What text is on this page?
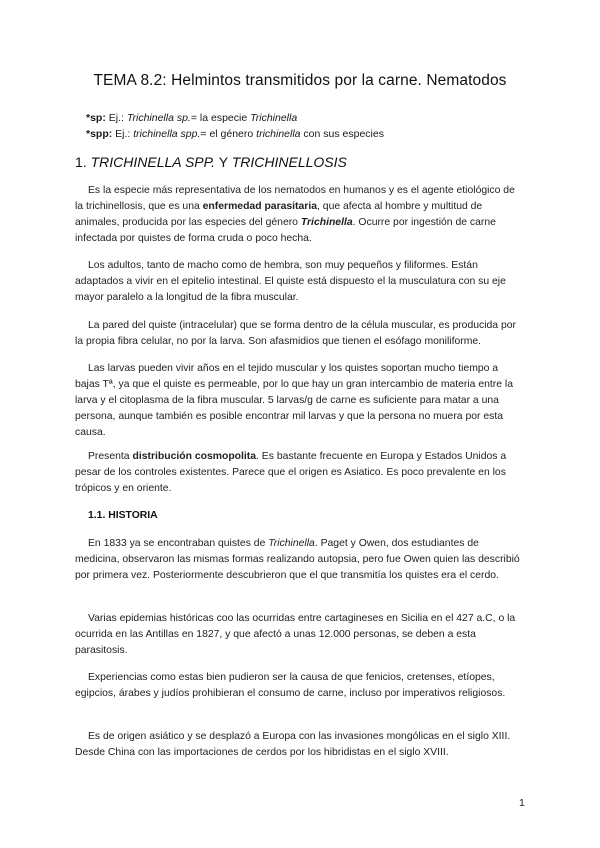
TEMA 8.2: Helmintos transmitidos por la carne. Nematodos
*sp: Ej.: Trichinella sp.= la especie Trichinella
*spp: Ej.: trichinella spp.= el género trichinella con sus especies
1. TRICHINELLA SPP. Y TRICHINELLOSIS
Es la especie más representativa de los nematodos en humanos y es el agente etiológico de la trichinellosis, que es una enfermedad parasitaria, que afecta al hombre y multitud de animales, producida por las especies del género Trichinella. Ocurre por ingestión de carne infectada por quistes de forma cruda o poco hecha.
Los adultos, tanto de macho como de hembra, son muy pequeños y filiformes. Están adaptados a vivir en el epitelio intestinal. El quiste está dispuesto el la musculatura con su eje mayor paralelo a la longitud de la fibra muscular.
La pared del quiste (intracelular) que se forma dentro de la célula muscular, es producida por la propia fibra celular, no por la larva. Son afasmidios que tienen el esófago moniliforme.
Las larvas pueden vivir años en el tejido muscular y los quistes soportan mucho tiempo a bajas Tª, ya que el quiste es permeable, por lo que hay un gran intercambio de materia entre la larva y el citoplasma de la fibra muscular. 5 larvas/g de carne es suficiente para matar a una persona, aunque también es posible encontrar mil larvas y que la persona no muera por esta causa.
Presenta distribución cosmopolita. Es bastante frecuente en Europa y Estados Unidos a pesar de los controles existentes. Parece que el origen es Asiatico. Es poco prevalente en los trópicos y en oriente.
1.1. HISTORIA
En 1833 ya se encontraban quistes de Trichinella. Paget y Owen, dos estudiantes de medicina, observaron las mismas formas realizando autopsia, pero fue Owen quien las describió por primera vez. Posteriormente descubrieron que el que transmitía los quistes era el cerdo.
Varias epidemias históricas coo las ocurridas entre cartagineses en Sicilia en el 427 a.C, o la ocurrida en las Antillas en 1827, y que afectó a unas 12.000 personas, se deben a esta parasitosis.
Experiencias como estas bien pudieron ser la causa de que fenicios, cretenses, etíopes, egipcios, árabes y judíos prohibieran el consumo de carne, incluso por imperativos religiosos.
Es de origen asiático y se desplazó a Europa con las invasiones mongólicas en el siglo XIII. Desde China con las importaciones de cerdos por los hibridistas en el siglo XVIII.
1
